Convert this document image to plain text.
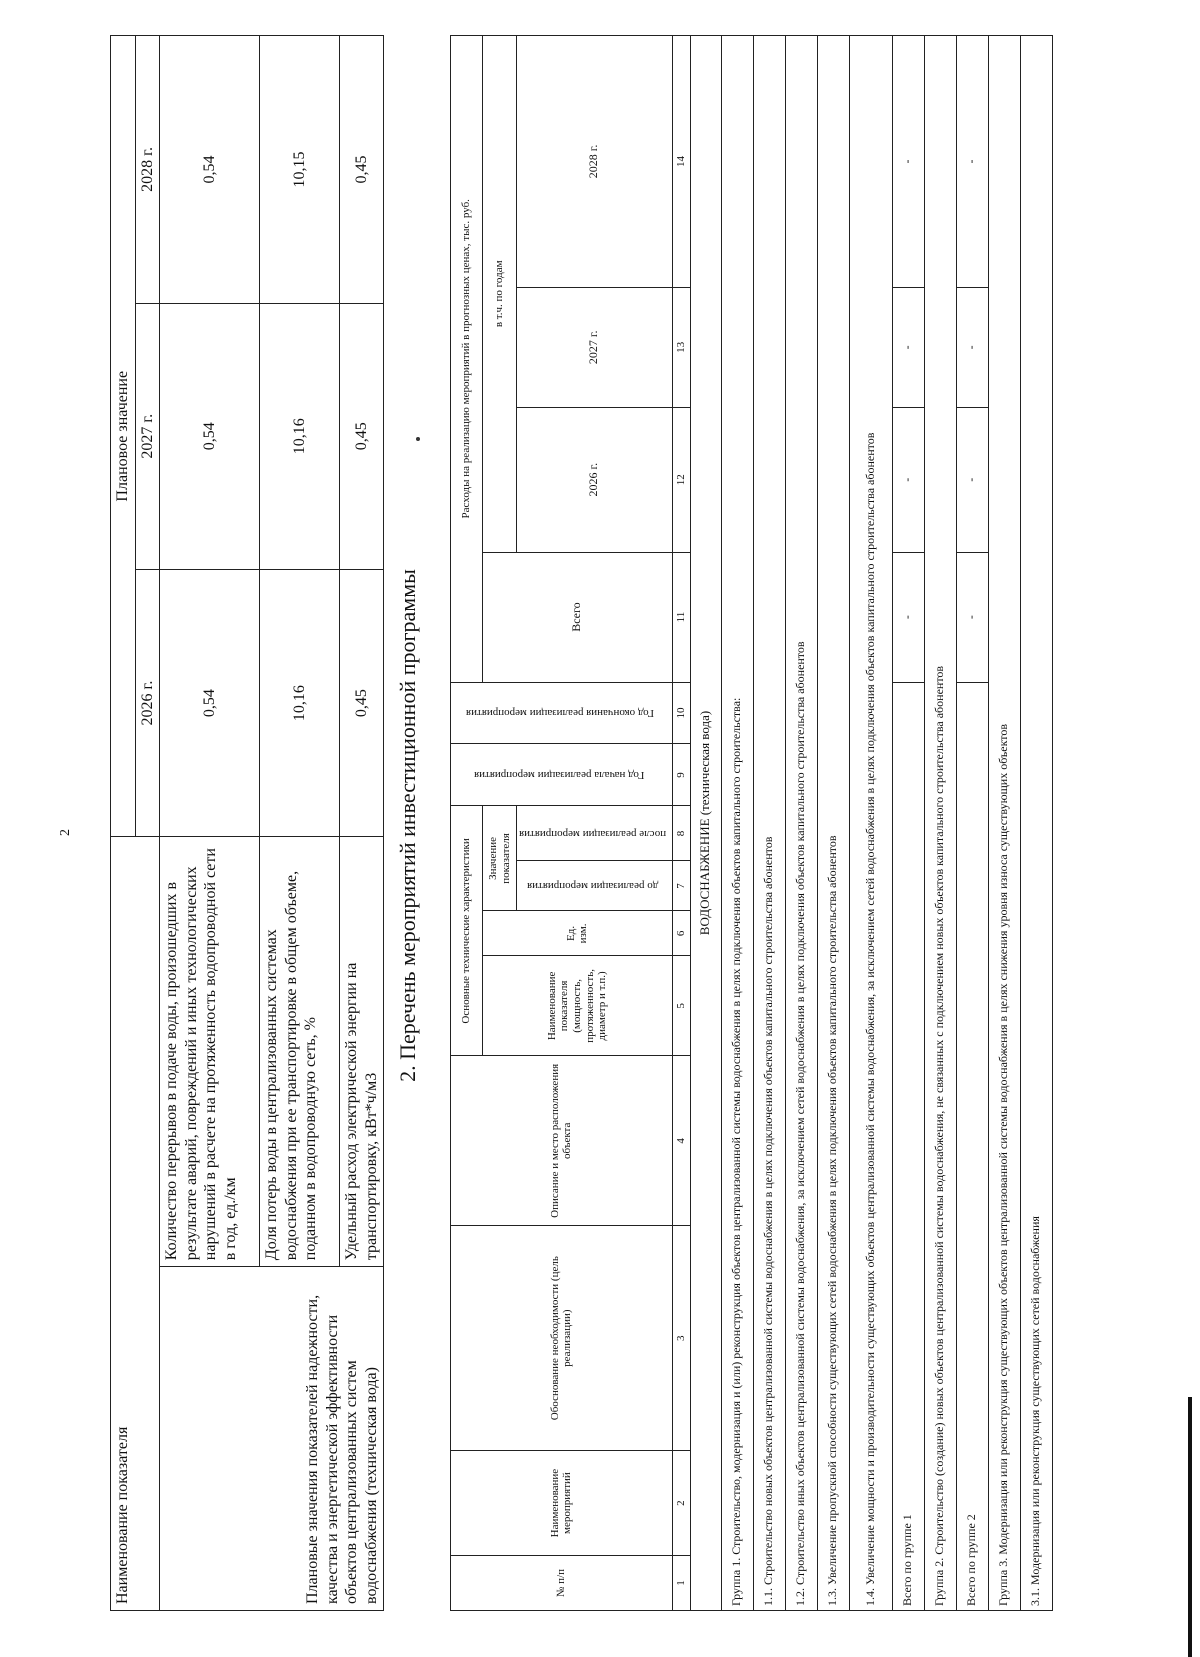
2
Наименование показателя		Плановое значение		
		2026 г.	2027 г.	2028 г.
Плановые значения показателей надежности, качества и энергетической эффективности объектов централизованных систем водоснабжения (техническая вода)	Количество перерывов в подаче воды, произошедших в результате аварий, повреждений и иных технологических нарушений в расчете на протяженность водопроводной сети в год, ед./км	0,54	0,54	0,54
	Доля потерь воды в централизованных системах водоснабжения при ее транспортировке в общем объеме, поданном в водопроводную сеть, %	10,16	10,16	10,15
	Удельный расход электрической энергии на транспортировку, кВт*ч/м3	0,45	0,45	0,45
2. Перечень мероприятий инвестиционной программы
№ п/п	Наименование мероприятий	Обоснование необходимости (цель реализации)	Описание и место расположения объекта	Основные технические характеристики				Год начала реализации мероприятия	Год окончания реализации мероприятия	Расходы на реализацию мероприятий в прогнозных ценах, тыс. руб.			
				Наименование показателя (мощность, протяженность, диаметр и т.п.)	Ед. изм.	Значение показателя				Всего	в т.ч. по годам		
						до реализации мероприятия	после реализации мероприятия				2026 г.	2027 г.	2028 г.

1	2	3	4	5	6	7	8	9	10	11	12	13	14
ВОДОСНАБЖЕНИЕ (техническая вода)													
Группа 1. Строительство, модернизация и (или) реконструкция объектов централизованной системы водоснабжения в целях подключения объектов капитального строительства:													
1.1. Строительство новых объектов централизованной системы водоснабжения в целях подключения объектов капитального строительства абонентов													
1.2. Строительство иных объектов централизованной системы водоснабжения, за исключением сетей водоснабжения в целях подключения объектов капитального строительства абонентов													
1.3. Увеличение пропускной способности существующих сетей водоснабжения в целях подключения объектов капитального строительства абонентов													
1.4. Увеличение мощности и производительности существующих объектов централизованной системы водоснабжения, за исключением сетей водоснабжения в целях подключения объектов капитального строительства абонентов													
Всего по группе 1										-	-	-	-
Группа 2. Строительство (создание) новых объектов централизованной системы водоснабжения, не связанных с подключением новых объектов капитального строительства абонентов													
Всего по группе 2										-	-	-	-
Группа 3. Модернизация или реконструкция существующих объектов централизованной системы водоснабжения в целях снижения уровня износа существующих объектов													
3.1. Модернизация или реконструкция существующих сетей водоснабжения													
